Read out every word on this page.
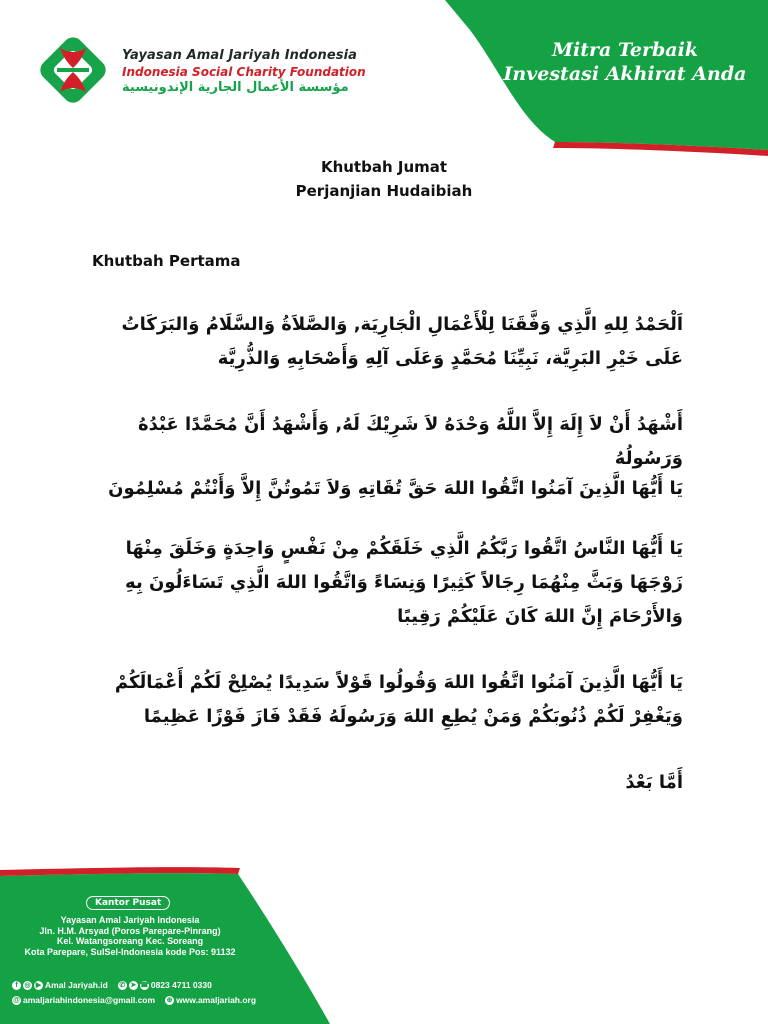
Yayasan Amal Jariyah Indonesia
Indonesia Social Charity Foundation
مؤسسة الأعمال الجارية الإندونيسية
Mitra Terbaik
Investasi Akhirat Anda
Khutbah Jumat
Perjanjian Hudaibiah
Khutbah Pertama
اَلْحَمْدُ لِلهِ الَّذِي وَفَّقَنَا لِلْأَعْمَالِ الْجَارِيَة, وَالصَّلاَةُ وَالسَّلَامُ وَالبَرَكَاتُ عَلَى خَيْرِ البَرِيَّة، نَبِيِّنَا مُحَمَّدٍ وَعَلَى آلِهِ وَأَصْحَابِهِ وَالذُّرِيَّة
أَشْهَدُ أَنْ لاَ إِلَهَ إِلاَّ اللَّهُ وَحْدَهُ لاَ شَرِيْكَ لَهُ, وَأَشْهَدُ أَنَّ مُحَمَّدًا عَبْدُهُ وَرَسُولُهُ
يَا أَيُّهَا الَّذِينَ آمَنُوا اتَّقُوا اللهَ حَقَّ تُقَاتِهِ وَلاَ تَمُوتُنَّ إِلاَّ وَأَنْتُمْ مُسْلِمُونَ
يَا أَيُّهَا النَّاسُ اتَّقُوا رَبَّكُمُ الَّذِي خَلَقَكُمْ مِنْ نَفْسٍ وَاحِدَةٍ وَخَلَقَ مِنْهَا زَوْجَهَا وَبَثَّ مِنْهُمَا رِجَالاً كَثِيرًا وَنِسَاءً وَاتَّقُوا اللهَ الَّذِي تَسَاءَلُونَ بِهِ وَالأَرْحَامَ إِنَّ اللهَ كَانَ عَلَيْكُمْ رَقِيبًا
يَا أَيُّهَا الَّذِينَ آمَنُوا اتَّقُوا اللهَ وَقُولُوا قَوْلاً سَدِيدًا يُصْلِحْ لَكُمْ أَعْمَالَكُمْ وَيَغْفِرْ لَكُمْ ذُنُوبَكُمْ وَمَنْ يُطِعِ اللهَ وَرَسُولَهُ فَقَدْ فَازَ فَوْزًا عَظِيمًا
أَمَّا بَعْدُ
Kantor Pusat
Yayasan Amal Jariyah Indonesia
Jln. H.M. Arsyad (Poros Parepare-Pinrang)
Kel. Watangsoreang Kec. Soreang
Kota Parepare, SulSel-Indonesia kode Pos: 91132
f ◎ ▶ Amal Jariyah.id ✆ ➤ ☎ 0823 4711 0330
@ amaljariahindonesia@gmail.com ⊕ www.amaljariah.org
